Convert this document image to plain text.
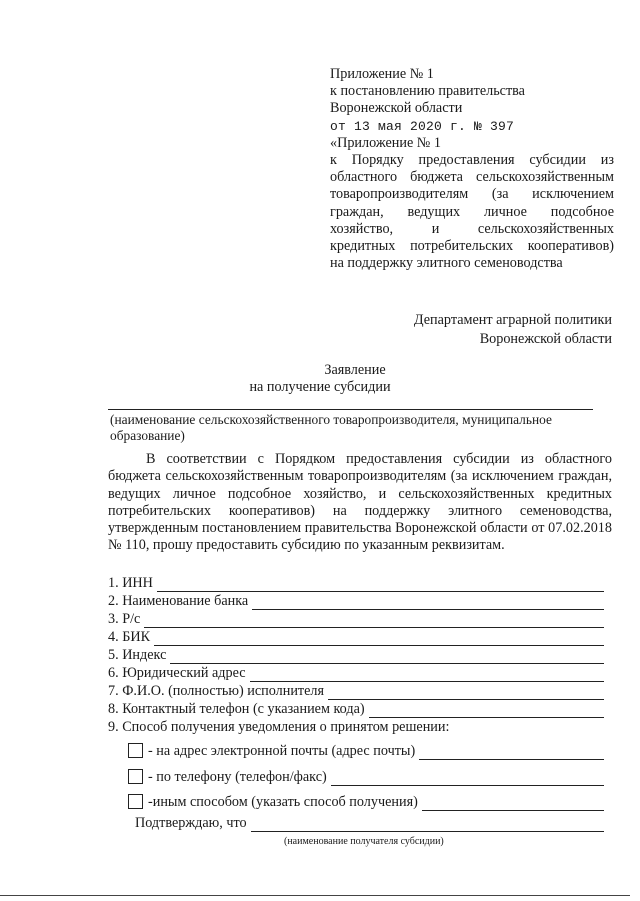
Приложение № 1
к постановлению правительства
Воронежской области
от 13 мая 2020 г. № 397
«Приложение № 1
к Порядку предоставления субсидии из
областного бюджета сельскохозяйственным
товаропроизводителям (за исключением
граждан, ведущих личное подсобное
хозяйство, и сельскохозяйственных
кредитных потребительских кооперативов)
на поддержку элитного семеноводства
Департамент аграрной политики
Воронежской области
Заявление
на получение субсидии
(наименование сельскохозяйственного товаропроизводителя, муниципальное образование)

В соответствии с Порядком предоставления субсидии из областного бюджета сельскохозяйственным товаропроизводителям (за исключением граждан, ведущих личное подсобное хозяйство, и сельскохозяйственных кредитных потребительских кооперативов) на поддержку элитного семеноводства, утвержденным постановлением правительства Воронежской области от 07.02.2018 № 110, прошу предоставить субсидию по указанным реквизитам.

1. ИНН
2. Наименование банка
3. Р/с
4. БИК
5. Индекс
6. Юридический адрес
7. Ф.И.О. (полностью) исполнителя
8. Контактный телефон (с указанием кода)
9. Способ получения уведомления о принятом решении:
- на адрес электронной почты (адрес почты)
- по телефону (телефон/факс)
-иным способом (указать способ получения)
Подтверждаю, что
(наименование получателя субсидии)
